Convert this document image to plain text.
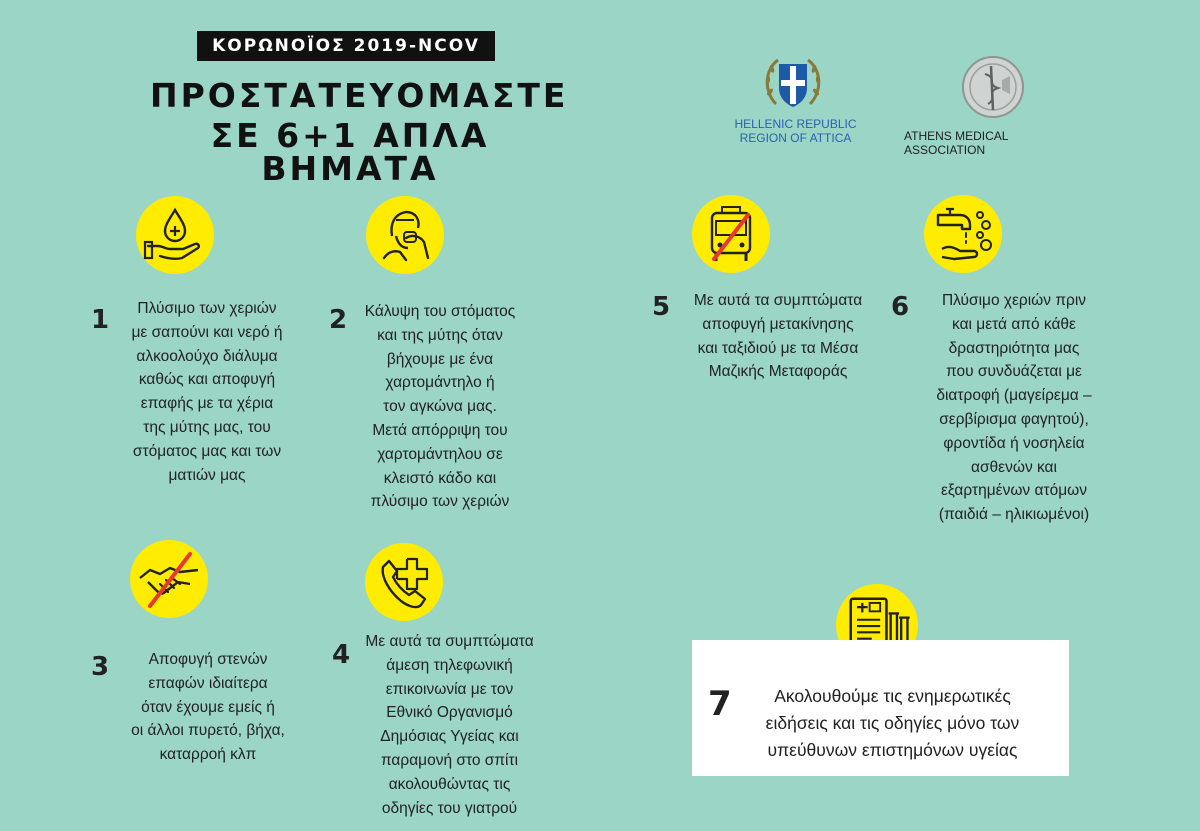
ΚΟΡΩΝΟΪΟΣ 2019-NCOV
ΠΡΟΣΤΑΤΕΥΟΜΑΣΤΕ
ΣΕ 6+1 ΑΠΛΑ ΒΗΜΑΤΑ
HELLENIC REPUBLIC
REGION OF ATTICA	ATHENS MEDICAL ASSOCIATION
1	2
3	4
5	6
Πλύσιμο των χεριών
με σαπούνι και νερό ή
αλκοολούχο διάλυμα
καθώς και αποφυγή
επαφής με τα χέρια
της μύτης μας, του
στόματος μας και των
ματιών μας
Κάλυψη του στόματος
και της μύτης όταν
βήχουμε με ένα
χαρτομάντηλο ή
τον αγκώνα μας.
Μετά απόρριψη του
χαρτομάντηλου σε
κλειστό κάδο και
πλύσιμο των χεριών
Αποφυγή στενών
επαφών ιδιαίτερα
όταν έχουμε εμείς ή
οι άλλοι πυρετό, βήχα,
καταρροή κλπ
Με αυτά τα συμπτώματα
άμεση τηλεφωνική
επικοινωνία με τον
Εθνικό Οργανισμό
Δημόσιας Υγείας και
παραμονή στο σπίτι
ακολουθώντας τις
οδηγίες του γιατρού
Με αυτά τα συμπτώματα
αποφυγή μετακίνησης
και ταξιδιού με τα Μέσα
Μαζικής Μεταφοράς
Πλύσιμο χεριών πριν
και μετά από κάθε
δραστηριότητα μας
που συνδυάζεται με
διατροφή (μαγείρεμα –
σερβίρισμα φαγητού),
φροντίδα ή νοσηλεία
ασθενών και
εξαρτημένων ατόμων
(παιδιά – ηλικιωμένοι)
7	Ακολουθούμε τις ενημερωτικές
ειδήσεις και τις οδηγίες μόνο των
υπεύθυνων επιστημόνων υγείας
